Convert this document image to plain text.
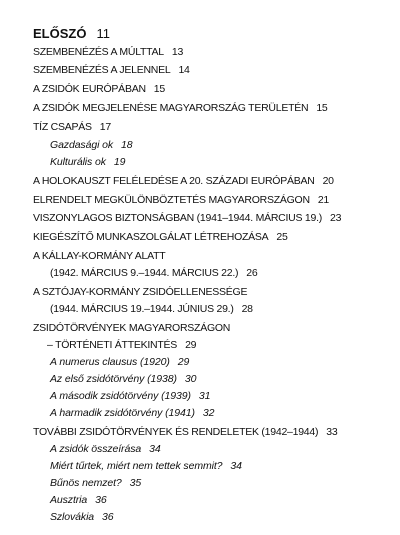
ELŐSZÓ 11
SZEMBENÉZÉS A MÚLTTAL 13
SZEMBENÉZÉS A JELENNEL 14
A ZSIDÓK EURÓPÁBAN 15
A ZSIDÓK MEGJELENÉSE MAGYARORSZÁG TERÜLETÉN 15
TÍZ CSAPÁS 17
Gazdasági ok 18
Kulturális ok 19
A HOLOKAUSZT FELÉLEDÉSE A 20. SZÁZADI EURÓPÁBAN 20
ELRENDELT MEGKÜLÖNBÖZTETÉS MAGYARORSZÁGON 21
VISZONYLAGOS BIZTONSÁGBAN (1941–1944. MÁRCIUS 19.) 23
KIEGÉSZÍTŐ MUNKASZOLGÁLAT LÉTREHOZÁSA 25
A KÁLLAY-KORMÁNY ALATT
(1942. MÁRCIUS 9.–1944. MÁRCIUS 22.) 26
A SZTÓJAY-KORMÁNY ZSIDÓELLENESSÉGE
(1944. MÁRCIUS 19.–1944. JÚNIUS 29.) 28
ZSIDÓTÖRVÉNYEK MAGYARORSZÁGON
– TÖRTÉNETI ÁTTEKINTÉS 29
A numerus clausus (1920) 29
Az első zsidótörvény (1938) 30
A második zsidótörvény (1939) 31
A harmadik zsidótörvény (1941) 32
TOVÁBBI ZSIDÓTÖRVÉNYEK ÉS RENDELETEK (1942–1944) 33
A zsidók összeírása 34
Miért tűrtek, miért nem tettek semmit? 34
Bűnös nemzet? 35
Ausztria 36
Szlovákia 36
